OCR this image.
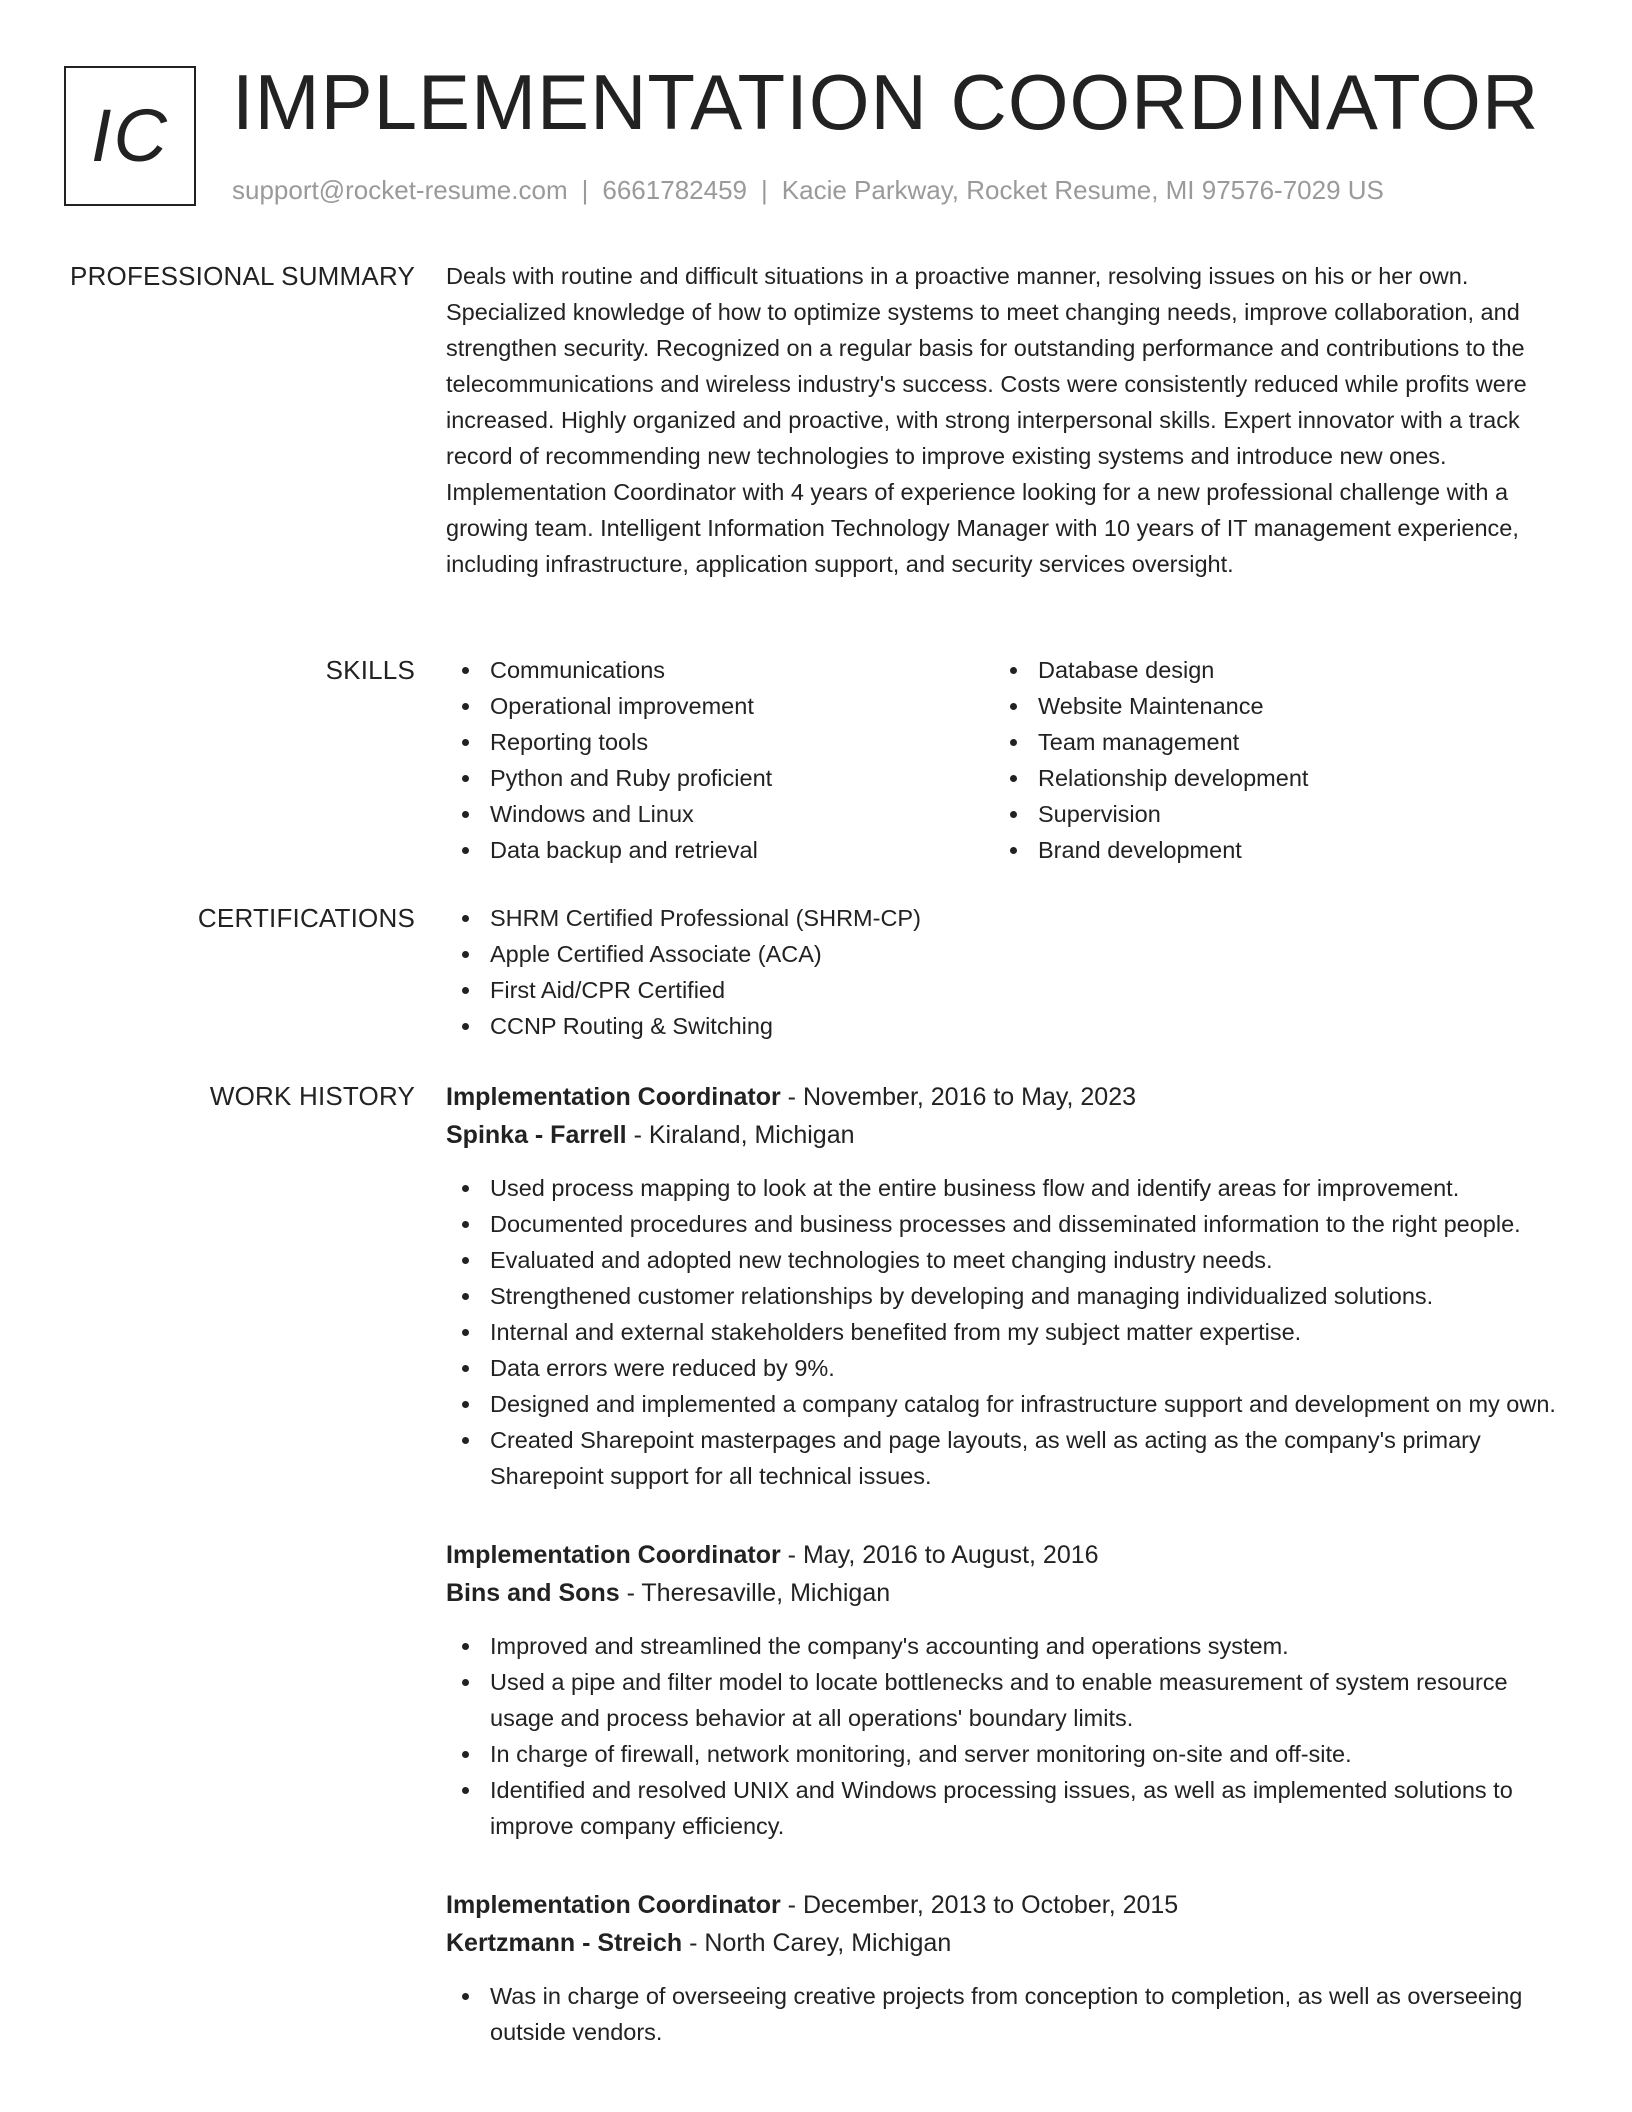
IC IMPLEMENTATION COORDINATOR
support@rocket-resume.com | 6661782459 | Kacie Parkway, Rocket Resume, MI 97576-7029 US
PROFESSIONAL SUMMARY Deals with routine and difficult situations in a proactive manner, resolving issues on his or her own. Specialized knowledge of how to optimize systems to meet changing needs, improve collaboration, and strengthen security. Recognized on a regular basis for outstanding performance and contributions to the telecommunications and wireless industry's success. Costs were consistently reduced while profits were increased. Highly organized and proactive, with strong interpersonal skills. Expert innovator with a track record of recommending new technologies to improve existing systems and introduce new ones. Implementation Coordinator with 4 years of experience looking for a new professional challenge with a growing team. Intelligent Information Technology Manager with 10 years of IT management experience, including infrastructure, application support, and security services oversight.

SKILLS	Communications
Operational improvement
Reporting tools
Python and Ruby proficient
Windows and Linux
Data backup and retrieval
Database design
Website Maintenance
Team management
Relationship development
Supervision
Brand development
CERTIFICATIONS	SHRM Certified Professional (SHRM-CP)
Apple Certified Associate (ACA)
First Aid/CPR Certified
CCNP Routing & Switching
WORK HISTORY Implementation Coordinator - November, 2016 to May, 2023
Spinka - Farrell - Kiraland, Michigan
Used process mapping to look at the entire business flow and identify areas for improvement.
Documented procedures and business processes and disseminated information to the right people.
Evaluated and adopted new technologies to meet changing industry needs.
Strengthened customer relationships by developing and managing individualized solutions.
Internal and external stakeholders benefited from my subject matter expertise.
Data errors were reduced by 9%.
Designed and implemented a company catalog for infrastructure support and development on my own.
Created Sharepoint masterpages and page layouts, as well as acting as the company's primary Sharepoint support for all technical issues.
Implementation Coordinator - May, 2016 to August, 2016
Bins and Sons - Theresaville, Michigan
Improved and streamlined the company's accounting and operations system.
Used a pipe and filter model to locate bottlenecks and to enable measurement of system resource usage and process behavior at all operations' boundary limits.
In charge of firewall, network monitoring, and server monitoring on-site and off-site.
Identified and resolved UNIX and Windows processing issues, as well as implemented solutions to improve company efficiency.
Implementation Coordinator - December, 2013 to October, 2015
Kertzmann - Streich - North Carey, Michigan
Was in charge of overseeing creative projects from conception to completion, as well as overseeing outside vendors.
